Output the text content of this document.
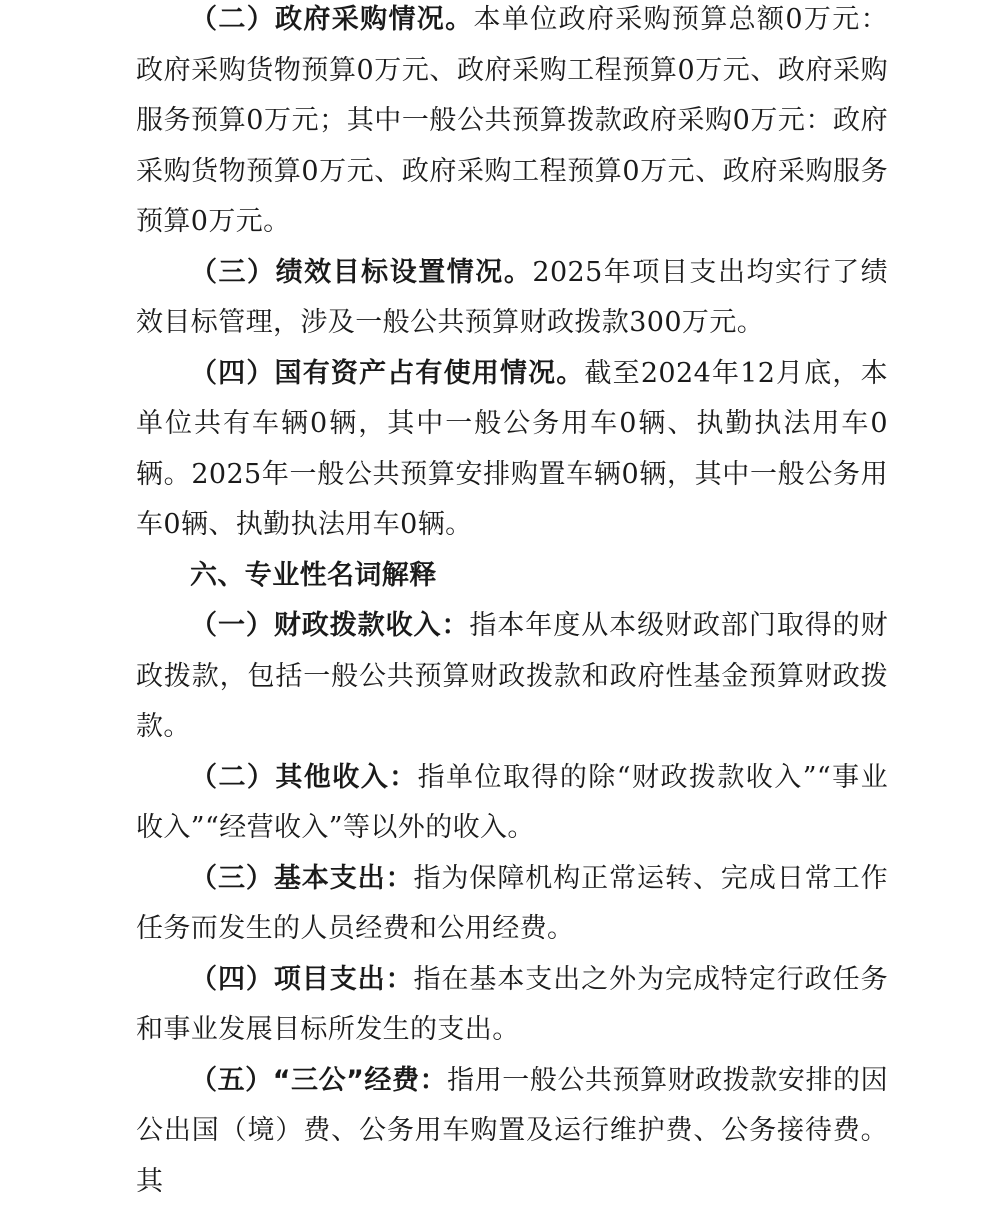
（二）政府采购情况。本单位政府采购预算总额0万元：政府采购货物预算0万元、政府采购工程预算0万元、政府采购服务预算0万元；其中一般公共预算拨款政府采购0万元：政府采购货物预算0万元、政府采购工程预算0万元、政府采购服务预算0万元。

（三）绩效目标设置情况。2025年项目支出均实行了绩效目标管理，涉及一般公共预算财政拨款300万元。

（四）国有资产占有使用情况。截至2024年12月底，本单位共有车辆0辆，其中一般公务用车0辆、执勤执法用车0辆。2025年一般公共预算安排购置车辆0辆，其中一般公务用车0辆、执勤执法用车0辆。

六、专业性名词解释

（一）财政拨款收入：指本年度从本级财政部门取得的财政拨款，包括一般公共预算财政拨款和政府性基金预算财政拨款。

（二）其他收入：指单位取得的除“财政拨款收入”“事业收入”“经营收入”等以外的收入。

（三）基本支出：指为保障机构正常运转、完成日常工作任务而发生的人员经费和公用经费。

（四）项目支出：指在基本支出之外为完成特定行政任务和事业发展目标所发生的支出。

（五）“三公”经费：指用一般公共预算财政拨款安排的因公出国（境）费、公务用车购置及运行维护费、公务接待费。其
